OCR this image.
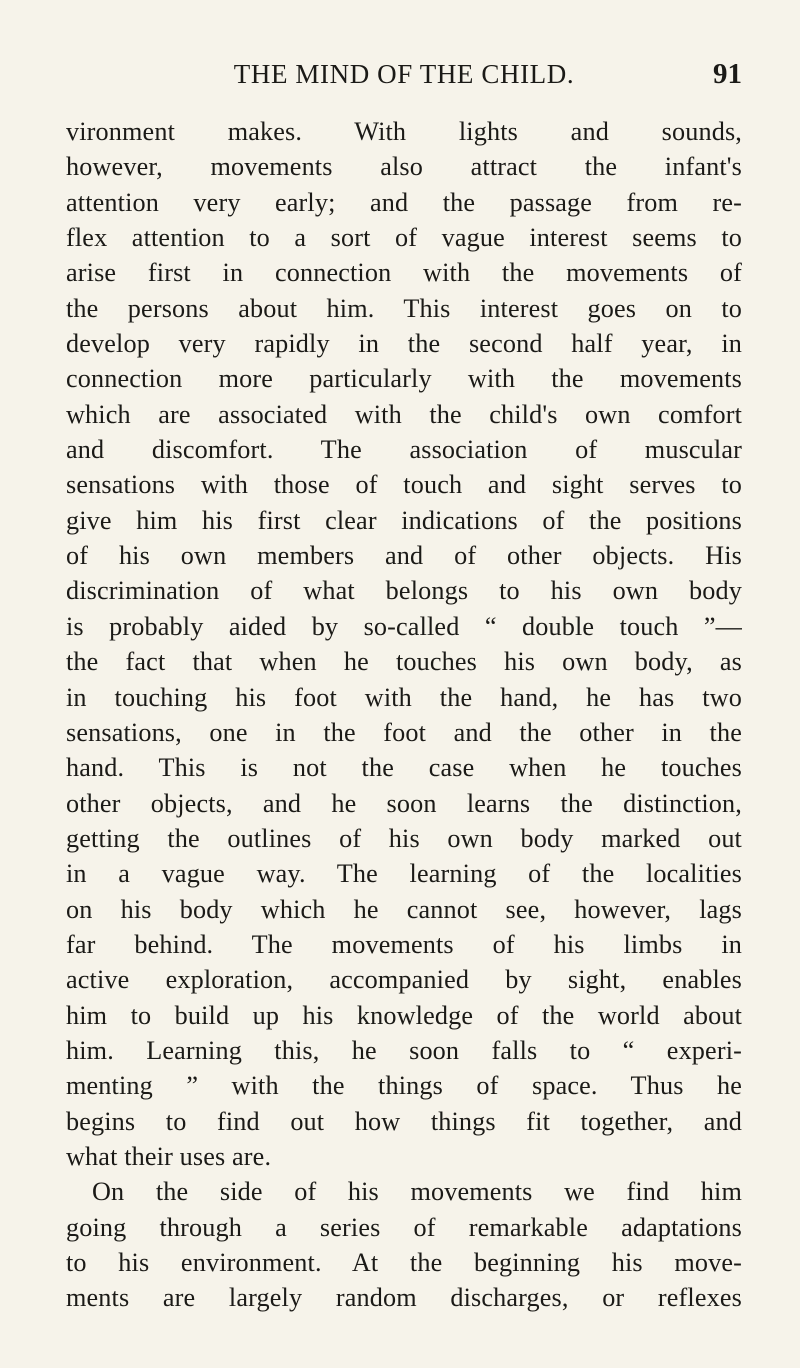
THE MIND OF THE CHILD.	91
vironment makes. With lights and sounds,
however, movements also attract the infant's
attention very early; and the passage from re-
flex attention to a sort of vague interest seems to
arise first in connection with the movements of
the persons about him. This interest goes on to
develop very rapidly in the second half year, in
connection more particularly with the movements
which are associated with the child's own comfort
and discomfort. The association of muscular
sensations with those of touch and sight serves to
give him his first clear indications of the positions
of his own members and of other objects. His
discrimination of what belongs to his own body
is probably aided by so-called “ double touch ”—
the fact that when he touches his own body, as
in touching his foot with the hand, he has two
sensations, one in the foot and the other in the
hand. This is not the case when he touches
other objects, and he soon learns the distinction,
getting the outlines of his own body marked out
in a vague way. The learning of the localities
on his body which he cannot see, however, lags
far behind. The movements of his limbs in
active exploration, accompanied by sight, enables
him to build up his knowledge of the world about
him. Learning this, he soon falls to “ experi-
menting ” with the things of space. Thus he
begins to find out how things fit together, and
what their uses are.
On the side of his movements we find him
going through a series of remarkable adaptations
to his environment. At the beginning his move-
ments are largely random discharges, or reflexes
